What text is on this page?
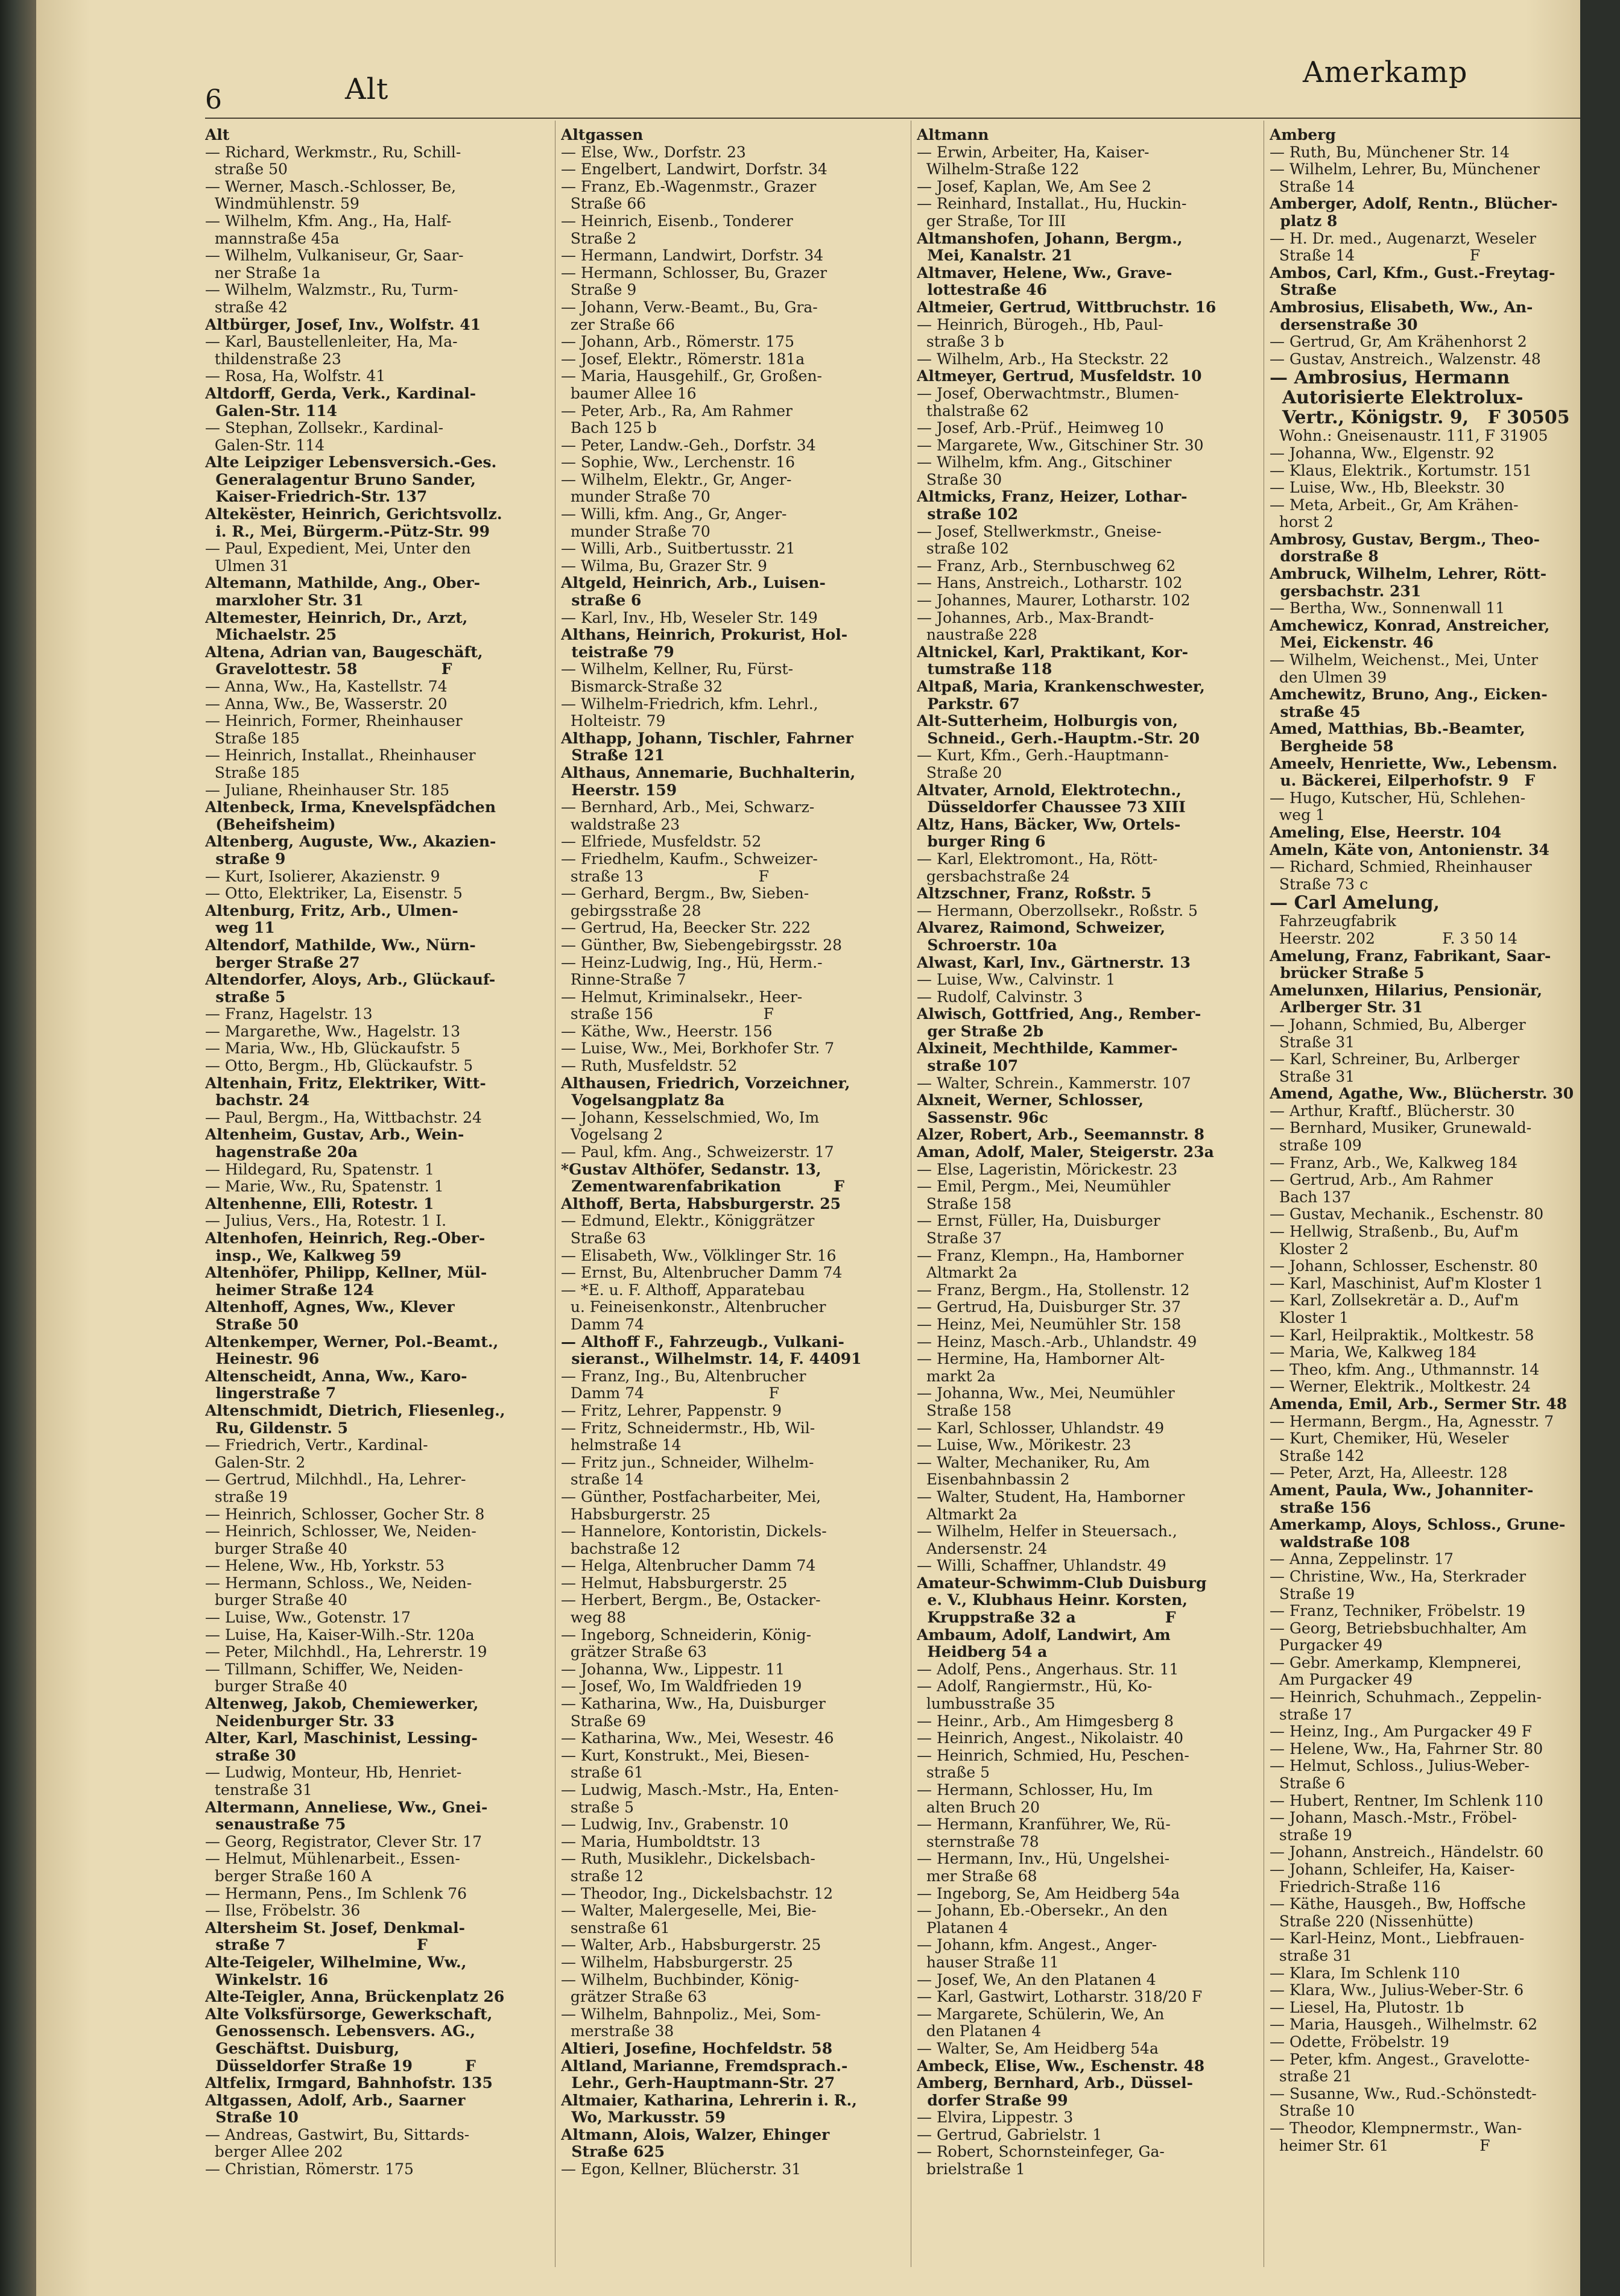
6	Alt	Amerkamp

Alt

— Richard, Werkmstr., Ru, Schill-
straße 50

— Werner, Masch.-Schlosser, Be,
Windmühlenstr. 59

— Wilhelm, Kfm. Ang., Ha, Half-
mannstraße 45a

— Wilhelm, Vulkaniseur, Gr, Saar-
ner Straße 1a

— Wilhelm, Walzmstr., Ru, Turm-
straße 42

Altbürger, Josef, Inv., Wolfstr. 41

— Karl, Baustellenleiter, Ha, Ma-
thildenstraße 23

— Rosa, Ha, Wolfstr. 41

Altdorff, Gerda, Verk., Kardinal-
Galen-Str. 114

— Stephan, Zollsekr., Kardinal-
Galen-Str. 114

Alte Leipziger Lebensversich.-Ges.
Generalagentur Bruno Sander,
Kaiser-Friedrich-Str. 137

Altekëster, Heinrich, Gerichtsvollz.
i. R., Mei, Bürgerm.-Pütz-Str. 99

— Paul, Expedient, Mei, Unter den
Ulmen 31

Altemann, Mathilde, Ang., Ober-
marxloher Str. 31

Altemester, Heinrich, Dr., Arzt,
Michaelstr. 25

Altena, Adrian van, Baugeschäft,
Gravelottestr. 58                F

— Anna, Ww., Ha, Kastellstr. 74

— Anna, Ww., Be, Wasserstr. 20

— Heinrich, Former, Rheinhauser
Straße 185

— Heinrich, Installat., Rheinhauser
Straße 185

— Juliane, Rheinhauser Str. 185

Altenbeck, Irma, Knevelspfädchen
(Beheifsheim)

Altenberg, Auguste, Ww., Akazien-
straße 9

— Kurt, Isolierer, Akazienstr. 9

— Otto, Elektriker, La, Eisenstr. 5

Altenburg, Fritz, Arb., Ulmen-
weg 11

Altendorf, Mathilde, Ww., Nürn-
berger Straße 27

Altendorfer, Aloys, Arb., Glückauf-
straße 5

— Franz, Hagelstr. 13

— Margarethe, Ww., Hagelstr. 13

— Maria, Ww., Hb, Glückaufstr. 5

— Otto, Bergm., Hb, Glückaufstr. 5

Altenhain, Fritz, Elektriker, Witt-
bachstr. 24

— Paul, Bergm., Ha, Wittbachstr. 24

Altenheim, Gustav, Arb., Wein-
hagenstraße 20a

— Hildegard, Ru, Spatenstr. 1

— Marie, Ww., Ru, Spatenstr. 1

Altenhenne, Elli, Rotestr. 1

— Julius, Vers., Ha, Rotestr. 1 I.

Altenhofen, Heinrich, Reg.-Ober-
insp., We, Kalkweg 59

Altenhöfer, Philipp, Kellner, Mül-
heimer Straße 124

Altenhoff, Agnes, Ww., Klever
Straße 50

Altenkemper, Werner, Pol.-Beamt.,
Heinestr. 96

Altenscheidt, Anna, Ww., Karo-
lingerstraße 7

Altenschmidt, Dietrich, Fliesenleg.,
Ru, Gildenstr. 5

— Friedrich, Vertr., Kardinal-
Galen-Str. 2

— Gertrud, Milchhdl., Ha, Lehrer-
straße 19

— Heinrich, Schlosser, Gocher Str. 8

— Heinrich, Schlosser, We, Neiden-
burger Straße 40

— Helene, Ww., Hb, Yorkstr. 53

— Hermann, Schloss., We, Neiden-
burger Straße 40

— Luise, Ww., Gotenstr. 17

— Luise, Ha, Kaiser-Wilh.-Str. 120a

— Peter, Milchhdl., Ha, Lehrerstr. 19

— Tillmann, Schiffer, We, Neiden-
burger Straße 40

Altenweg, Jakob, Chemiewerker,
Neidenburger Str. 33

Alter, Karl, Maschinist, Lessing-
straße 30

— Ludwig, Monteur, Hb, Henriet-
tenstraße 31

Altermann, Anneliese, Ww., Gnei-
senaustraße 75

— Georg, Registrator, Clever Str. 17

— Helmut, Mühlenarbeit., Essen-
berger Straße 160 A

— Hermann, Pens., Im Schlenk 76

— Ilse, Fröbelstr. 36

Altersheim St. Josef, Denkmal-
straße 7                         F

Alte-Teigeler, Wilhelmine, Ww.,
Winkelstr. 16

Alte-Teigler, Anna, Brückenplatz 26

Alte Volksfürsorge, Gewerkschaft,
Genossensch. Lebensvers. AG.,
Geschäftst. Duisburg,
Düsseldorfer Straße 19          F

Altfelix, Irmgard, Bahnhofstr. 135

Altgassen, Adolf, Arb., Saarner
Straße 10

— Andreas, Gastwirt, Bu, Sittards-
berger Allee 202

— Christian, Römerstr. 175

Altgassen

— Else, Ww., Dorfstr. 23

— Engelbert, Landwirt, Dorfstr. 34

— Franz, Eb.-Wagenmstr., Grazer
Straße 66

— Heinrich, Eisenb., Tonderer
Straße 2

— Hermann, Landwirt, Dorfstr. 34

— Hermann, Schlosser, Bu, Grazer
Straße 9

— Johann, Verw.-Beamt., Bu, Gra-
zer Straße 66

— Johann, Arb., Römerstr. 175

— Josef, Elektr., Römerstr. 181a

— Maria, Hausgehilf., Gr, Großen-
baumer Allee 16

— Peter, Arb., Ra, Am Rahmer
Bach 125 b

— Peter, Landw.-Geh., Dorfstr. 34

— Sophie, Ww., Lerchenstr. 16

— Wilhelm, Elektr., Gr, Anger-
munder Straße 70

— Willi, kfm. Ang., Gr, Anger-
munder Straße 70

— Willi, Arb., Suitbertusstr. 21

— Wilma, Bu, Grazer Str. 9

Altgeld, Heinrich, Arb., Luisen-
straße 6

— Karl, Inv., Hb, Weseler Str. 149

Althans, Heinrich, Prokurist, Hol-
teistraße 79

— Wilhelm, Kellner, Ru, Fürst-
Bismarck-Straße 32

— Wilhelm-Friedrich, kfm. Lehrl.,
Holteistr. 79

Althapp, Johann, Tischler, Fahrner
Straße 121

Althaus, Annemarie, Buchhalterin,
Heerstr. 159

— Bernhard, Arb., Mei, Schwarz-
waldstraße 23

— Elfriede, Musfeldstr. 52

— Friedhelm, Kaufm., Schweizer-
straße 13                        F

— Gerhard, Bergm., Bw, Sieben-
gebirgsstraße 28

— Gertrud, Ha, Beecker Str. 222

— Günther, Bw, Siebengebirgsstr. 28

— Heinz-Ludwig, Ing., Hü, Herm.-
Rinne-Straße 7

— Helmut, Kriminalsekr., Heer-
straße 156                       F

— Käthe, Ww., Heerstr. 156

— Luise, Ww., Mei, Borkhofer Str. 7

— Ruth, Musfeldstr. 52

Althausen, Friedrich, Vorzeichner,
Vogelsangplatz 8a

— Johann, Kesselschmied, Wo, Im
Vogelsang 2

— Paul, kfm. Ang., Schweizerstr. 17

*Gustav Althöfer, Sedanstr. 13,
Zementwarenfabrikation          F

Althoff, Berta, Habsburgerstr. 25

— Edmund, Elektr., Königgrätzer
Straße 63

— Elisabeth, Ww., Völklinger Str. 16

— Ernst, Bu, Altenbrucher Damm 74

— *E. u. F. Althoff, Apparatebau
u. Feineisenkonstr., Altenbrucher
Damm 74

— Althoff F., Fahrzeugb., Vulkani-
sieranst., Wilhelmstr. 14, F. 44091

— Franz, Ing., Bu, Altenbrucher
Damm 74                          F

— Fritz, Lehrer, Pappenstr. 9

— Fritz, Schneidermstr., Hb, Wil-
helmstraße 14

— Fritz jun., Schneider, Wilhelm-
straße 14

— Günther, Postfacharbeiter, Mei,
Habsburgerstr. 25

— Hannelore, Kontoristin, Dickels-
bachstraße 12

— Helga, Altenbrucher Damm 74

— Helmut, Habsburgerstr. 25

— Herbert, Bergm., Be, Ostacker-
weg 88

— Ingeborg, Schneiderin, König-
grätzer Straße 63

— Johanna, Ww., Lippestr. 11

— Josef, Wo, Im Waldfrieden 19

— Katharina, Ww., Ha, Duisburger
Straße 69

— Katharina, Ww., Mei, Wesestr. 46

— Kurt, Konstrukt., Mei, Biesen-
straße 61

— Ludwig, Masch.-Mstr., Ha, Enten-
straße 5

— Ludwig, Inv., Grabenstr. 10

— Maria, Humboldtstr. 13

— Ruth, Musiklehr., Dickelsbach-
straße 12

— Theodor, Ing., Dickelsbachstr. 12

— Walter, Malergeselle, Mei, Bie-
senstraße 61

— Walter, Arb., Habsburgerstr. 25

— Wilhelm, Habsburgerstr. 25

— Wilhelm, Buchbinder, König-
grätzer Straße 63

— Wilhelm, Bahnpoliz., Mei, Som-
merstraße 38

Altieri, Josefine, Hochfeldstr. 58

Altland, Marianne, Fremdsprach.-
Lehr., Gerh-Hauptmann-Str. 27

Altmaier, Katharina, Lehrerin i. R.,
Wo, Markusstr. 59

Altmann, Alois, Walzer, Ehinger
Straße 625

— Egon, Kellner, Blücherstr. 31

Altmann

— Erwin, Arbeiter, Ha, Kaiser-
Wilhelm-Straße 122

— Josef, Kaplan, We, Am See 2

— Reinhard, Installat., Hu, Huckin-
ger Straße, Tor III

Altmanshofen, Johann, Bergm.,
Mei, Kanalstr. 21

Altmaver, Helene, Ww., Grave-
lottestraße 46

Altmeier, Gertrud, Wittbruchstr. 16

— Heinrich, Bürogeh., Hb, Paul-
straße 3 b

— Wilhelm, Arb., Ha Steckstr. 22

Altmeyer, Gertrud, Musfeldstr. 10

— Josef, Oberwachtmstr., Blumen-
thalstraße 62

— Josef, Arb.-Prüf., Heimweg 10

— Margarete, Ww., Gitschiner Str. 30

— Wilhelm, kfm. Ang., Gitschiner
Straße 30

Altmicks, Franz, Heizer, Lothar-
straße 102

— Josef, Stellwerkmstr., Gneise-
straße 102

— Franz, Arb., Sternbuschweg 62

— Hans, Anstreich., Lotharstr. 102

— Johannes, Maurer, Lotharstr. 102

— Johannes, Arb., Max-Brandt-
naustraße 228

Altnickel, Karl, Praktikant, Kor-
tumstraße 118

Altpaß, Maria, Krankenschwester,
Parkstr. 67

Alt-Sutterheim, Holburgis von,
Schneid., Gerh.-Hauptm.-Str. 20

— Kurt, Kfm., Gerh.-Hauptmann-
Straße 20

Altvater, Arnold, Elektrotechn.,
Düsseldorfer Chaussee 73 XIII

Altz, Hans, Bäcker, Ww, Ortels-
burger Ring 6

— Karl, Elektromont., Ha, Rött-
gersbachstraße 24

Altzschner, Franz, Roßstr. 5

— Hermann, Oberzollsekr., Roßstr. 5

Alvarez, Raimond, Schweizer,
Schroerstr. 10a

Alwast, Karl, Inv., Gärtnerstr. 13

— Luise, Ww., Calvinstr. 1

— Rudolf, Calvinstr. 3

Alwisch, Gottfried, Ang., Rember-
ger Straße 2b

Alxineit, Mechthilde, Kammer-
straße 107

— Walter, Schrein., Kammerstr. 107

Alxneit, Werner, Schlosser,
Sassenstr. 96c

Alzer, Robert, Arb., Seemannstr. 8

Aman, Adolf, Maler, Steigerstr. 23a

— Else, Lageristin, Mörickestr. 23

— Emil, Pergm., Mei, Neumühler
Straße 158

— Ernst, Füller, Ha, Duisburger
Straße 37

— Franz, Klempn., Ha, Hamborner
Altmarkt 2a

— Franz, Bergm., Ha, Stollenstr. 12

— Gertrud, Ha, Duisburger Str. 37

— Heinz, Mei, Neumühler Str. 158

— Heinz, Masch.-Arb., Uhlandstr. 49

— Hermine, Ha, Hamborner Alt-
markt 2a

— Johanna, Ww., Mei, Neumühler
Straße 158

— Karl, Schlosser, Uhlandstr. 49

— Luise, Ww., Mörikestr. 23

— Walter, Mechaniker, Ru, Am
Eisenbahnbassin 2

— Walter, Student, Ha, Hamborner
Altmarkt 2a

— Wilhelm, Helfer in Steuersach.,
Andersenstr. 24

— Willi, Schaffner, Uhlandstr. 49

Amateur-Schwimm-Club Duisburg
e. V., Klubhaus Heinr. Korsten,
Kruppstraße 32 a                 F

Ambaum, Adolf, Landwirt, Am
Heidberg 54 a

— Adolf, Pens., Angerhaus. Str. 11

— Adolf, Rangiermstr., Hü, Ko-
lumbusstraße 35

— Heinr., Arb., Am Himgesberg 8

— Heinrich, Angest., Nikolaistr. 40

— Heinrich, Schmied, Hu, Peschen-
straße 5

— Hermann, Schlosser, Hu, Im
alten Bruch 20

— Hermann, Kranführer, We, Rü-
sternstraße 78

— Hermann, Inv., Hü, Ungelshei-
mer Straße 68

— Ingeborg, Se, Am Heidberg 54a

— Johann, Eb.-Obersekr., An den
Platanen 4

— Johann, kfm. Angest., Anger-
hauser Straße 11

— Josef, We, An den Platanen 4

— Karl, Gastwirt, Lotharstr. 318/20 F

— Margarete, Schülerin, We, An
den Platanen 4

— Walter, Se, Am Heidberg 54a

Ambeck, Elise, Ww., Eschenstr. 48

Amberg, Bernhard, Arb., Düssel-
dorfer Straße 99

— Elvira, Lippestr. 3

— Gertrud, Gabrielstr. 1

— Robert, Schornsteinfeger, Ga-
brielstraße 1

Amberg

— Ruth, Bu, Münchener Str. 14

— Wilhelm, Lehrer, Bu, Münchener
Straße 14

Amberger, Adolf, Rentn., Blücher-
platz 8

— H. Dr. med., Augenarzt, Weseler
Straße 14                        F

Ambos, Carl, Kfm., Gust.-Freytag-
Straße

Ambrosius, Elisabeth, Ww., An-
dersenstraße 30

— Gertrud, Gr, Am Krähenhorst 2

— Gustav, Anstreich., Walzenstr. 48

— Ambrosius, Hermann
Autorisierte Elektrolux-
Vertr., Königstr. 9,   F 30505

Wohn.: Gneisenaustr. 111, F 31905

— Johanna, Ww., Elgenstr. 92

— Klaus, Elektrik., Kortumstr. 151

— Luise, Ww., Hb, Bleekstr. 30

— Meta, Arbeit., Gr, Am Krähen-
horst 2

Ambrosy, Gustav, Bergm., Theo-
dorstraße 8

Ambruck, Wilhelm, Lehrer, Rött-
gersbachstr. 231

— Bertha, Ww., Sonnenwall 11

Amchewicz, Konrad, Anstreicher,
Mei, Eickenstr. 46

— Wilhelm, Weichenst., Mei, Unter
den Ulmen 39

Amchewitz, Bruno, Ang., Eicken-
straße 45

Amed, Matthias, Bb.-Beamter,
Bergheide 58

Ameelv, Henriette, Ww., Lebensm.
u. Bäckerei, Eilperhofstr. 9   F

— Hugo, Kutscher, Hü, Schlehen-
weg 1

Ameling, Else, Heerstr. 104

Ameln, Käte von, Antonienstr. 34

— Richard, Schmied, Rheinhauser
Straße 73 c

— Carl Amelung,

Fahrzeugfabrik
Heerstr. 202              F. 3 50 14

Amelung, Franz, Fabrikant, Saar-
brücker Straße 5

Amelunxen, Hilarius, Pensionär,
Arlberger Str. 31

— Johann, Schmied, Bu, Alberger
Straße 31

— Karl, Schreiner, Bu, Arlberger
Straße 31

Amend, Agathe, Ww., Blücherstr. 30

— Arthur, Kraftf., Blücherstr. 30

— Bernhard, Musiker, Grunewald-
straße 109

— Franz, Arb., We, Kalkweg 184

— Gertrud, Arb., Am Rahmer
Bach 137

— Gustav, Mechanik., Eschenstr. 80

— Hellwig, Straßenb., Bu, Auf'm
Kloster 2

— Johann, Schlosser, Eschenstr. 80

— Karl, Maschinist, Auf'm Kloster 1

— Karl, Zollsekretär a. D., Auf'm
Kloster 1

— Karl, Heilpraktik., Moltkestr. 58

— Maria, We, Kalkweg 184

— Theo, kfm. Ang., Uthmannstr. 14

— Werner, Elektrik., Moltkestr. 24

Amenda, Emil, Arb., Sermer Str. 48

— Hermann, Bergm., Ha, Agnesstr. 7

— Kurt, Chemiker, Hü, Weseler
Straße 142

— Peter, Arzt, Ha, Alleestr. 128

Ament, Paula, Ww., Johanniter-
straße 156

Amerkamp, Aloys, Schloss., Grune-
waldstraße 108

— Anna, Zeppelinstr. 17

— Christine, Ww., Ha, Sterkrader
Straße 19

— Franz, Techniker, Fröbelstr. 19

— Georg, Betriebsbuchhalter, Am
Purgacker 49

— Gebr. Amerkamp, Klempnerei,
Am Purgacker 49

— Heinrich, Schuhmach., Zeppelin-
straße 17

— Heinz, Ing., Am Purgacker 49 F

— Helene, Ww., Ha, Fahrner Str. 80

— Helmut, Schloss., Julius-Weber-
Straße 6

— Hubert, Rentner, Im Schlenk 110

— Johann, Masch.-Mstr., Fröbel-
straße 19

— Johann, Anstreich., Händelstr. 60

— Johann, Schleifer, Ha, Kaiser-
Friedrich-Straße 116

— Käthe, Hausgeh., Bw, Hoffsche
Straße 220 (Nissenhütte)

— Karl-Heinz, Mont., Liebfrauen-
straße 31

— Klara, Im Schlenk 110

— Klara, Ww., Julius-Weber-Str. 6

— Liesel, Ha, Plutostr. 1b

— Maria, Hausgeh., Wilhelmstr. 62

— Odette, Fröbelstr. 19

— Peter, kfm. Angest., Gravelotte-
straße 21

— Susanne, Ww., Rud.-Schönstedt-
Straße 10

— Theodor, Klempnermstr., Wan-
heimer Str. 61                   F
